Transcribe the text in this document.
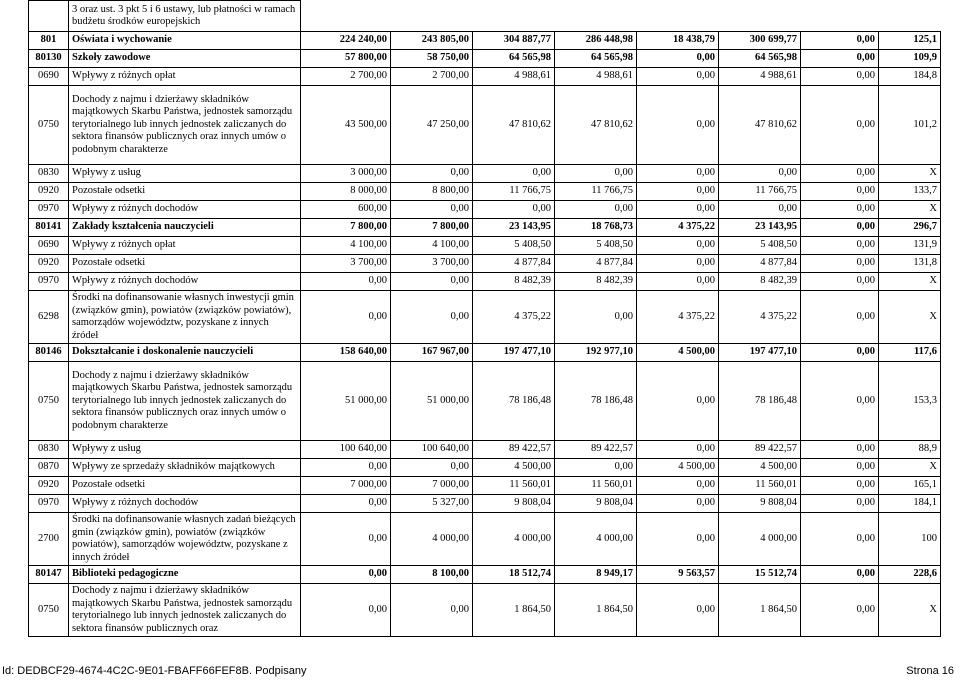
	3 oraz ust. 3 pkt 5 i 6 ustawy, lub płatności w ramach budżetu środków europejskich								
801	Oświata i wychowanie	224 240,00	243 805,00	304 887,77	286 448,98	18 438,79	300 699,77	0,00	125,1
80130	Szkoły zawodowe	57 800,00	58 750,00	64 565,98	64 565,98	0,00	64 565,98	0,00	109,9
0690	Wpływy z różnych opłat	2 700,00	2 700,00	4 988,61	4 988,61	0,00	4 988,61	0,00	184,8
0750	Dochody z najmu i dzierżawy składników majątkowych Skarbu Państwa, jednostek samorządu terytorialnego lub innych jednostek zaliczanych do sektora finansów publicznych oraz innych umów o podobnym charakterze	43 500,00	47 250,00	47 810,62	47 810,62	0,00	47 810,62	0,00	101,2
0830	Wpływy z usług	3 000,00	0,00	0,00	0,00	0,00	0,00	0,00	X
0920	Pozostałe odsetki	8 000,00	8 800,00	11 766,75	11 766,75	0,00	11 766,75	0,00	133,7
0970	Wpływy z różnych dochodów	600,00	0,00	0,00	0,00	0,00	0,00	0,00	X
80141	Zakłady kształcenia nauczycieli	7 800,00	7 800,00	23 143,95	18 768,73	4 375,22	23 143,95	0,00	296,7
0690	Wpływy z różnych opłat	4 100,00	4 100,00	5 408,50	5 408,50	0,00	5 408,50	0,00	131,9
0920	Pozostałe odsetki	3 700,00	3 700,00	4 877,84	4 877,84	0,00	4 877,84	0,00	131,8
0970	Wpływy z różnych dochodów	0,00	0,00	8 482,39	8 482,39	0,00	8 482,39	0,00	X
6298	Środki na dofinansowanie własnych inwestycji gmin (związków gmin), powiatów (związków powiatów), samorządów województw, pozyskane z innych źródeł	0,00	0,00	4 375,22	0,00	4 375,22	4 375,22	0,00	X
80146	Dokształcanie i doskonalenie nauczycieli	158 640,00	167 967,00	197 477,10	192 977,10	4 500,00	197 477,10	0,00	117,6
0750	Dochody z najmu i dzierżawy składników majątkowych Skarbu Państwa, jednostek samorządu terytorialnego lub innych jednostek zaliczanych do sektora finansów publicznych oraz innych umów o podobnym charakterze	51 000,00	51 000,00	78 186,48	78 186,48	0,00	78 186,48	0,00	153,3
0830	Wpływy z usług	100 640,00	100 640,00	89 422,57	89 422,57	0,00	89 422,57	0,00	88,9
0870	Wpływy ze sprzedaży składników majątkowych	0,00	0,00	4 500,00	0,00	4 500,00	4 500,00	0,00	X
0920	Pozostałe odsetki	7 000,00	7 000,00	11 560,01	11 560,01	0,00	11 560,01	0,00	165,1
0970	Wpływy z różnych dochodów	0,00	5 327,00	9 808,04	9 808,04	0,00	9 808,04	0,00	184,1
2700	Środki na dofinansowanie własnych zadań bieżących gmin (związków gmin), powiatów (związków powiatów), samorządów województw, pozyskane z innych źródeł	0,00	4 000,00	4 000,00	4 000,00	0,00	4 000,00	0,00	100
80147	Biblioteki pedagogiczne	0,00	8 100,00	18 512,74	8 949,17	9 563,57	15 512,74	0,00	228,6
0750	Dochody z najmu i dzierżawy składników majątkowych Skarbu Państwa, jednostek samorządu terytorialnego lub innych jednostek zaliczanych do sektora finansów publicznych oraz	0,00	0,00	1 864,50	1 864,50	0,00	1 864,50	0,00	X
Id: DEDBCF29-4674-4C2C-9E01-FBAFF66FEF8B. Podpisany	Strona 16
